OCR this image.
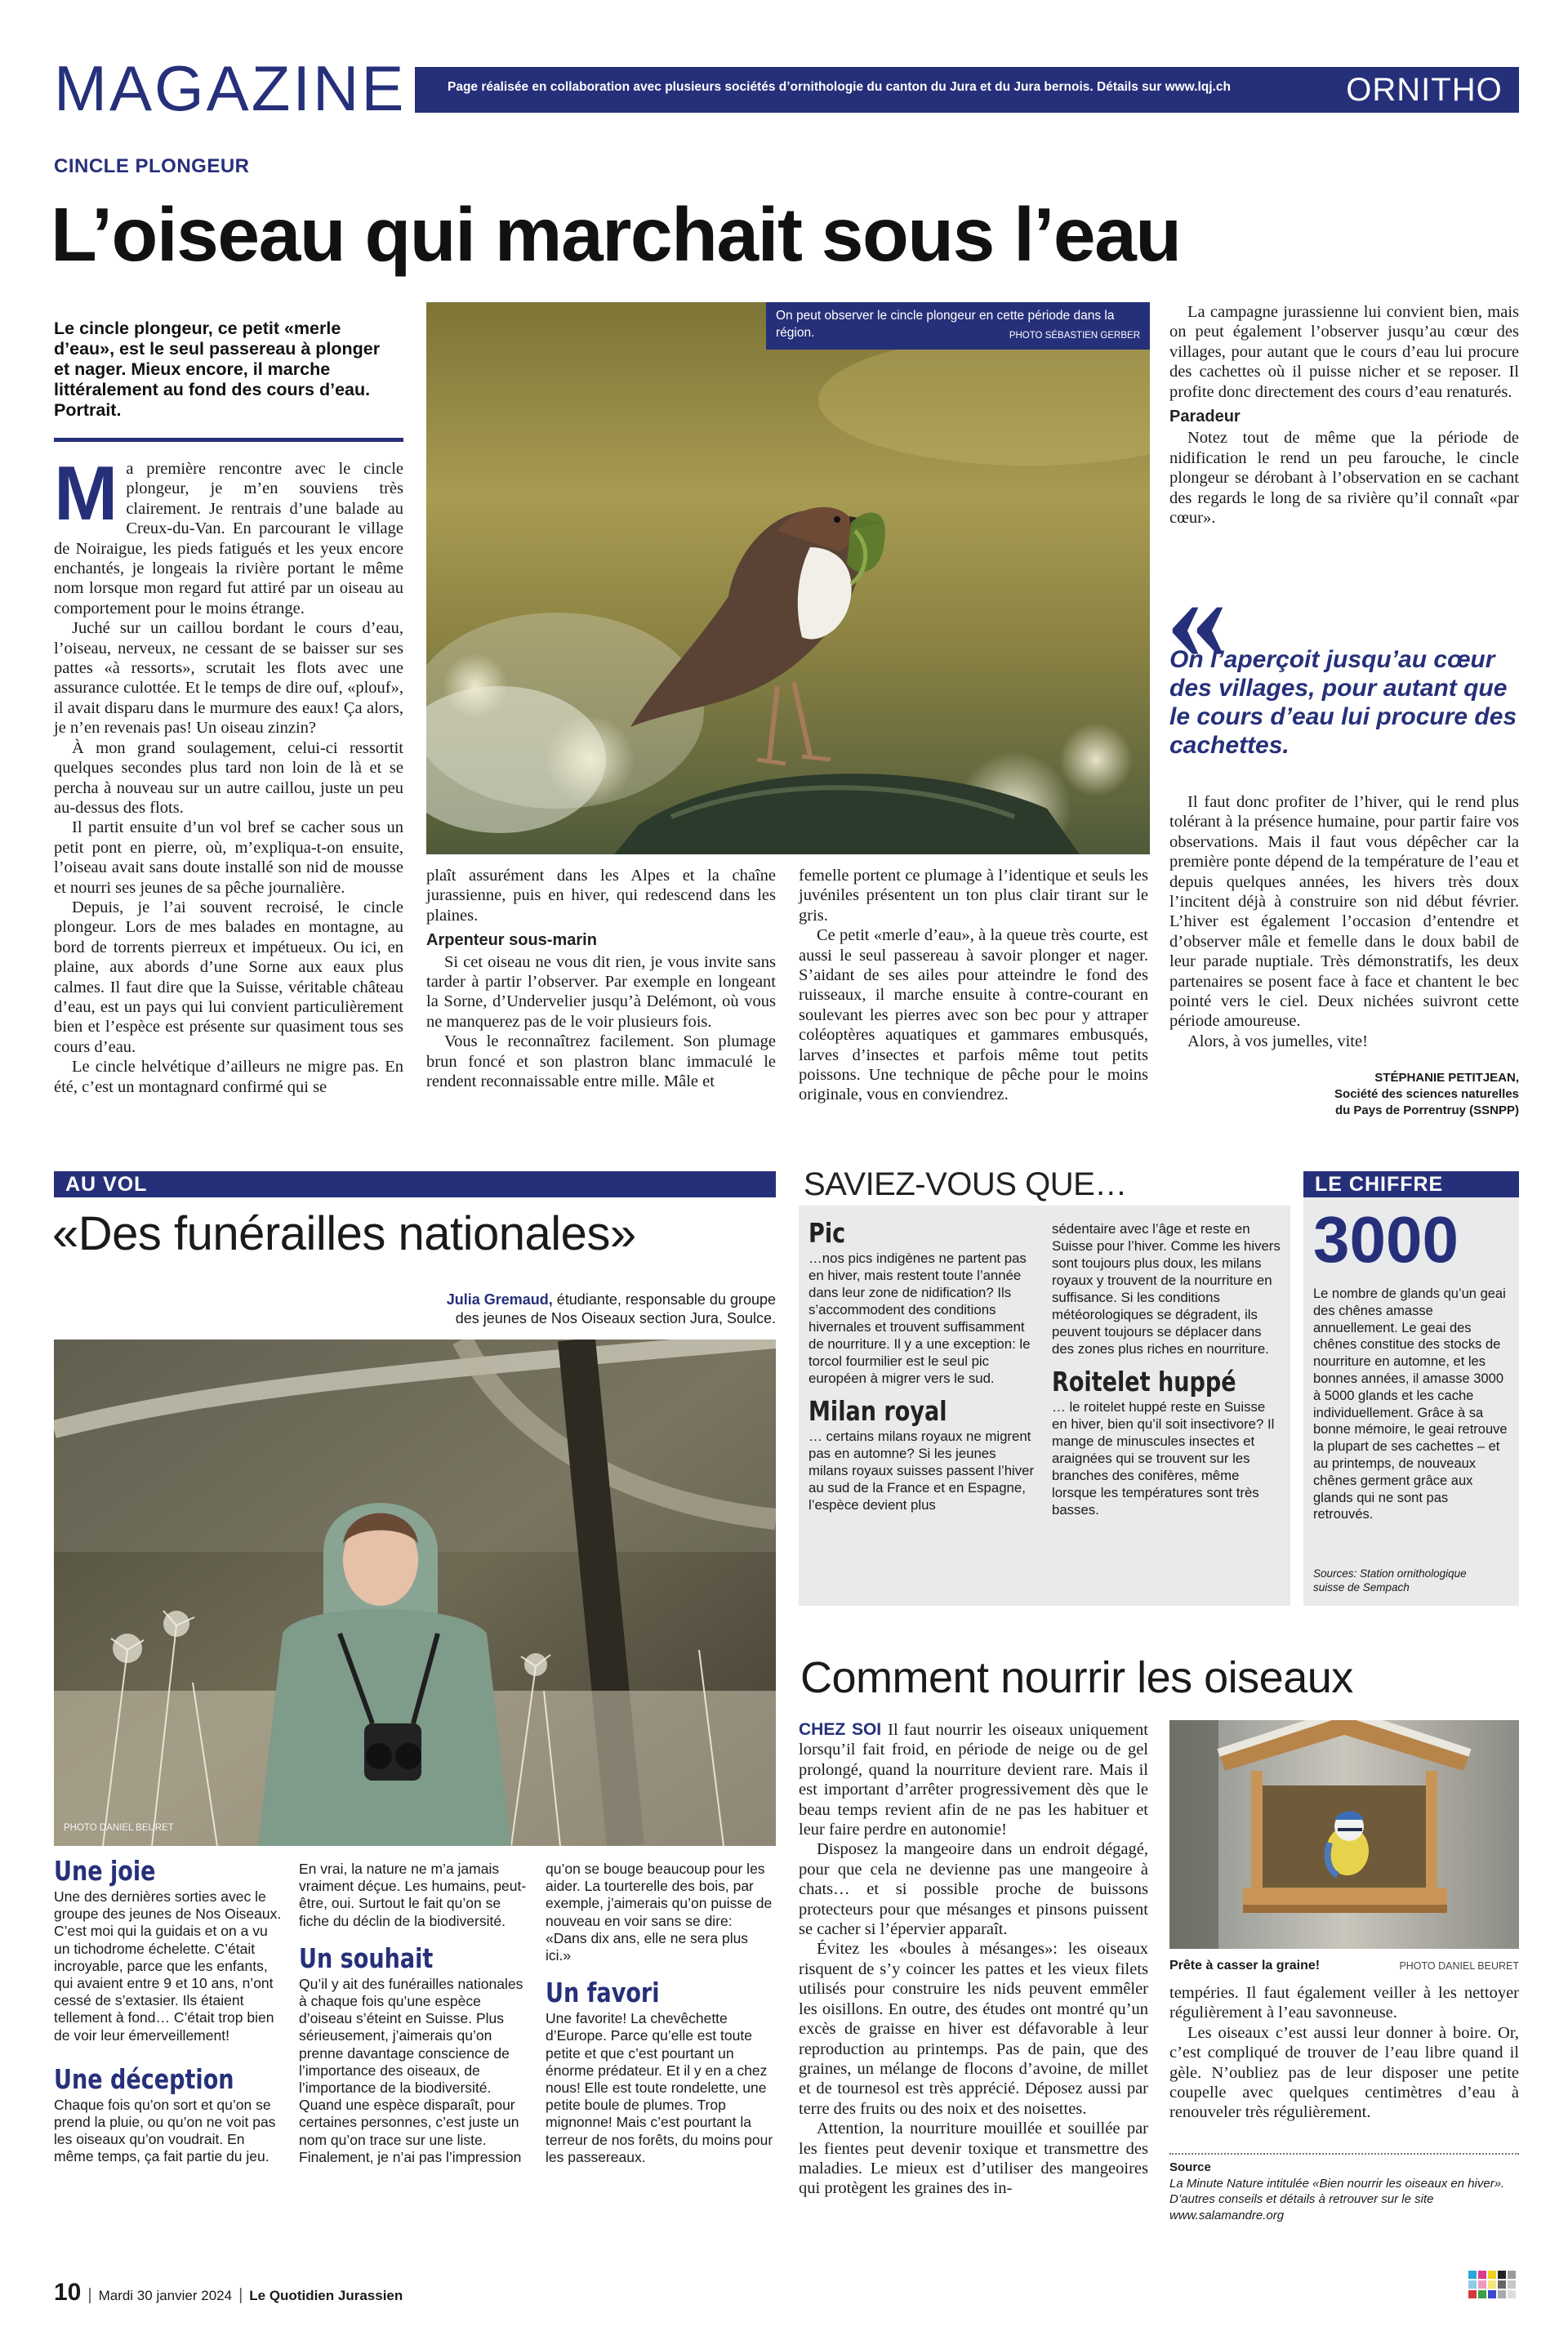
MAGAZINE	Page réalisée en collaboration avec plusieurs sociétés d’ornithologie du canton du Jura et du Jura bernois. Détails sur www.lqj.ch	ORNITHO
CINCLE PLONGEUR
L’oiseau qui marchait sous l’eau
Le cincle plongeur, ce petit «merle d’eau», est le seul passereau à plonger et nager. Mieux encore, il marche littéralement au fond des cours d’eau. Portrait.

Ma première rencontre avec le cincle plongeur, je m’en souviens très clairement. Je rentrais d’une balade au Creux-du-Van. En parcourant le village de Noiraigue, les pieds fatigués et les yeux encore enchantés, je longeais la rivière portant le même nom lorsque mon regard fut attiré par un oiseau au comportement pour le moins étrange.

Juché sur un caillou bordant le cours d’eau, l’oiseau, nerveux, ne cessant de se baisser sur ses pattes «à ressorts», scrutait les flots avec une assurance culottée. Et le temps de dire ouf, «plouf», il avait disparu dans le murmure des eaux! Ça alors, je n’en revenais pas! Un oiseau zinzin?

À mon grand soulagement, celui-ci ressortit quelques secondes plus tard non loin de là et se percha à nouveau sur un autre caillou, juste un peu au-dessus des flots.

Il partit ensuite d’un vol bref se cacher sous un petit pont en pierre, où, m’expliqua-t-on ensuite, l’oiseau avait sans doute installé son nid de mousse et nourri ses jeunes de sa pêche journalière.

Depuis, je l’ai souvent recroisé, le cincle plongeur. Lors de mes balades en montagne, au bord de torrents pierreux et impétueux. Ou ici, en plaine, aux abords d’une Sorne aux eaux plus calmes. Il faut dire que la Suisse, véritable château d’eau, est un pays qui lui convient particulièrement bien et l’espèce est présente sur quasiment tous ses cours d’eau.

Le cincle helvétique d’ailleurs ne migre pas. En été, c’est un montagnard confirmé qui se

On peut observer le cincle plongeur en cette période dans la région.	PHOTO SÉBASTIEN GERBER

plaît assurément dans les Alpes et la chaîne jurassienne, puis en hiver, qui redescend dans les plaines.

Arpenteur sous-marin

Si cet oiseau ne vous dit rien, je vous invite sans tarder à partir l’observer. Par exemple en longeant la Sorne, d’Undervelier jusqu’à Delémont, où vous ne manquerez pas de le voir plusieurs fois.

Vous le reconnaîtrez facilement. Son plumage brun foncé et son plastron blanc immaculé le rendent reconnaissable entre mille. Mâle et

femelle portent ce plumage à l’identique et seuls les juvéniles présentent un ton plus clair tirant sur le gris.

Ce petit «merle d’eau», à la queue très courte, est aussi le seul passereau à savoir plonger et nager. S’aidant de ses ailes pour atteindre le fond des ruisseaux, il marche ensuite à contre-courant en soulevant les pierres avec son bec pour y attraper coléoptères aquatiques et gammares embusqués, larves d’insectes et parfois même tout petits poissons. Une technique de pêche pour le moins originale, vous en conviendrez.

La campagne jurassienne lui convient bien, mais on peut également l’observer jusqu’au cœur des villages, pour autant que le cours d’eau lui procure des cachettes où il puisse nicher et se reposer. Il profite donc directement des cours d’eau renaturés.

Paradeur

Notez tout de même que la période de nidification le rend un peu farouche, le cincle plongeur se dérobant à l’observation en se cachant des regards le long de sa rivière qu’il connaît «par cœur».

«
On l’aperçoit jusqu’au cœur des villages, pour autant que le cours d’eau lui procure des cachettes.

Il faut donc profiter de l’hiver, qui le rend plus tolérant à la présence humaine, pour partir faire vos observations. Mais il faut vous dépêcher car la première ponte dépend de la température de l’eau et depuis quelques années, les hivers très doux l’incitent déjà à construire son nid début février. L’hiver est également l’occasion d’entendre et d’observer mâle et femelle dans le doux babil de leur parade nuptiale. Très démonstratifs, les deux partenaires se posent face à face et chantent le bec pointé vers le ciel. Deux nichées suivront cette période amoureuse.

Alors, à vos jumelles, vite!

STÉPHANIE PETITJEAN,
Société des sciences naturelles
du Pays de Porrentruy (SSNPP)
AU VOL
«Des funérailles nationales»
Julia Gremaud, étudiante, responsable du groupe
des jeunes de Nos Oiseaux section Jura, Soulce.
PHOTO DANIEL BEURET
Une joie
Une des dernières sorties avec le groupe des jeunes de Nos Oiseaux. C’est moi qui la guidais et on a vu un tichodrome échelette. C’était incroyable, parce que les enfants, qui avaient entre 9 et 10 ans, n’ont cessé de s’extasier. Ils étaient tellement à fond… C’était trop bien de voir leur émerveillement!
Une déception
Chaque fois qu’on sort et qu’on se prend la pluie, ou qu’on ne voit pas les oiseaux qu’on voudrait. En même temps, ça fait partie du jeu.
En vrai, la nature ne m’a jamais vraiment déçue. Les humains, peut-être, oui. Surtout le fait qu’on se fiche du déclin de la biodiversité.
Un souhait
Qu’il y ait des funérailles nationales à chaque fois qu’une espèce d’oiseau s’éteint en Suisse. Plus sérieusement, j’aimerais qu’on prenne davantage conscience de l’importance des oiseaux, de l’importance de la biodiversité. Quand une espèce disparaît, pour certaines personnes, c’est juste un nom qu’on trace sur une liste. Finalement, je n’ai pas l’impression
qu’on se bouge beaucoup pour les aider. La tourterelle des bois, par exemple, j’aimerais qu’on puisse de nouveau en voir sans se dire: «Dans dix ans, elle ne sera plus ici.»
Un favori
Une favorite! La chevêchette d’Europe. Parce qu’elle est toute petite et que c’est pourtant un énorme prédateur. Et il y en a chez nous! Elle est toute rondelette, une petite boule de plumes. Trop mignonne! Mais c’est pourtant la terreur de nos forêts, du moins pour les passereaux.
SAVIEZ-VOUS QUE…
Pic
…nos pics indigènes ne partent pas en hiver, mais restent toute l’année dans leur zone de nidification? Ils s’accommodent des conditions hivernales et trouvent suffisamment de nourriture. Il y a une exception: le torcol fourmilier est le seul pic européen à migrer vers le sud.
Milan royal
… certains milans royaux ne migrent pas en automne? Si les jeunes milans royaux suisses passent l’hiver au sud de la France et en Espagne, l’espèce devient plus
sédentaire avec l’âge et reste en Suisse pour l’hiver. Comme les hivers sont toujours plus doux, les milans royaux y trouvent de la nourriture en suffisance. Si les conditions météorologiques se dégradent, ils peuvent toujours se déplacer dans des zones plus riches en nourriture.
Roitelet huppé
… le roitelet huppé reste en Suisse en hiver, bien qu’il soit insectivore? Il mange de minuscules insectes et araignées qui se trouvent sur les branches des conifères, même lorsque les températures sont très basses.
LE CHIFFRE
3000
Le nombre de glands qu’un geai des chênes amasse annuellement. Le geai des chênes constitue des stocks de nourriture en automne, et les bonnes années, il amasse 3000 à 5000 glands et les cache individuellement. Grâce à sa bonne mémoire, le geai retrouve la plupart de ses cachettes – et au printemps, de nouveaux chênes germent grâce aux glands qui ne sont pas retrouvés.
Sources: Station ornithologique
suisse de Sempach
Comment nourrir les oiseaux

CHEZ SOI Il faut nourrir les oiseaux uniquement lorsqu’il fait froid, en période de neige ou de gel prolongé, quand la nourriture devient rare. Mais il est important d’arrêter progressivement dès que le beau temps revient afin de ne pas les habituer et leur faire perdre en autonomie!

Disposez la mangeoire dans un endroit dégagé, pour que cela ne devienne pas une mangeoire à chats… et si possible proche de buissons protecteurs pour que mésanges et pinsons puissent se cacher si l’épervier apparaît.

Évitez les «boules à mésanges»: les oiseaux risquent de s’y coincer les pattes et les vieux filets utilisés pour construire les nids peuvent emmêler les oisillons. En outre, des études ont montré qu’un excès de graisse en hiver est défavorable à leur reproduction au printemps. Pas de pain, que des graines, un mélange de flocons d’avoine, de millet et de tournesol est très apprécié. Déposez aussi par terre des fruits ou des noix et des noisettes.

Attention, la nourriture mouillée et souillée par les fientes peut devenir toxique et transmettre des maladies. Le mieux est d’utiliser des mangeoires qui protègent les graines des in-

Prête à casser la graine!	PHOTO DANIEL BEURET

tempéries. Il faut également veiller à les nettoyer régulièrement à l’eau savonneuse.

Les oiseaux c’est aussi leur donner à boire. Or, c’est compliqué de trouver de l’eau libre quand il gèle. N’oubliez pas de leur disposer une petite coupelle avec quelques centimètres d’eau à renouveler très régulièrement.

Source
La Minute Nature intitulée «Bien nourrir les oiseaux en hiver». D’autres conseils et détails à retrouver sur le site www.salamandre.org
10 | Mardi 30 janvier 2024 | Le Quotidien Jurassien
